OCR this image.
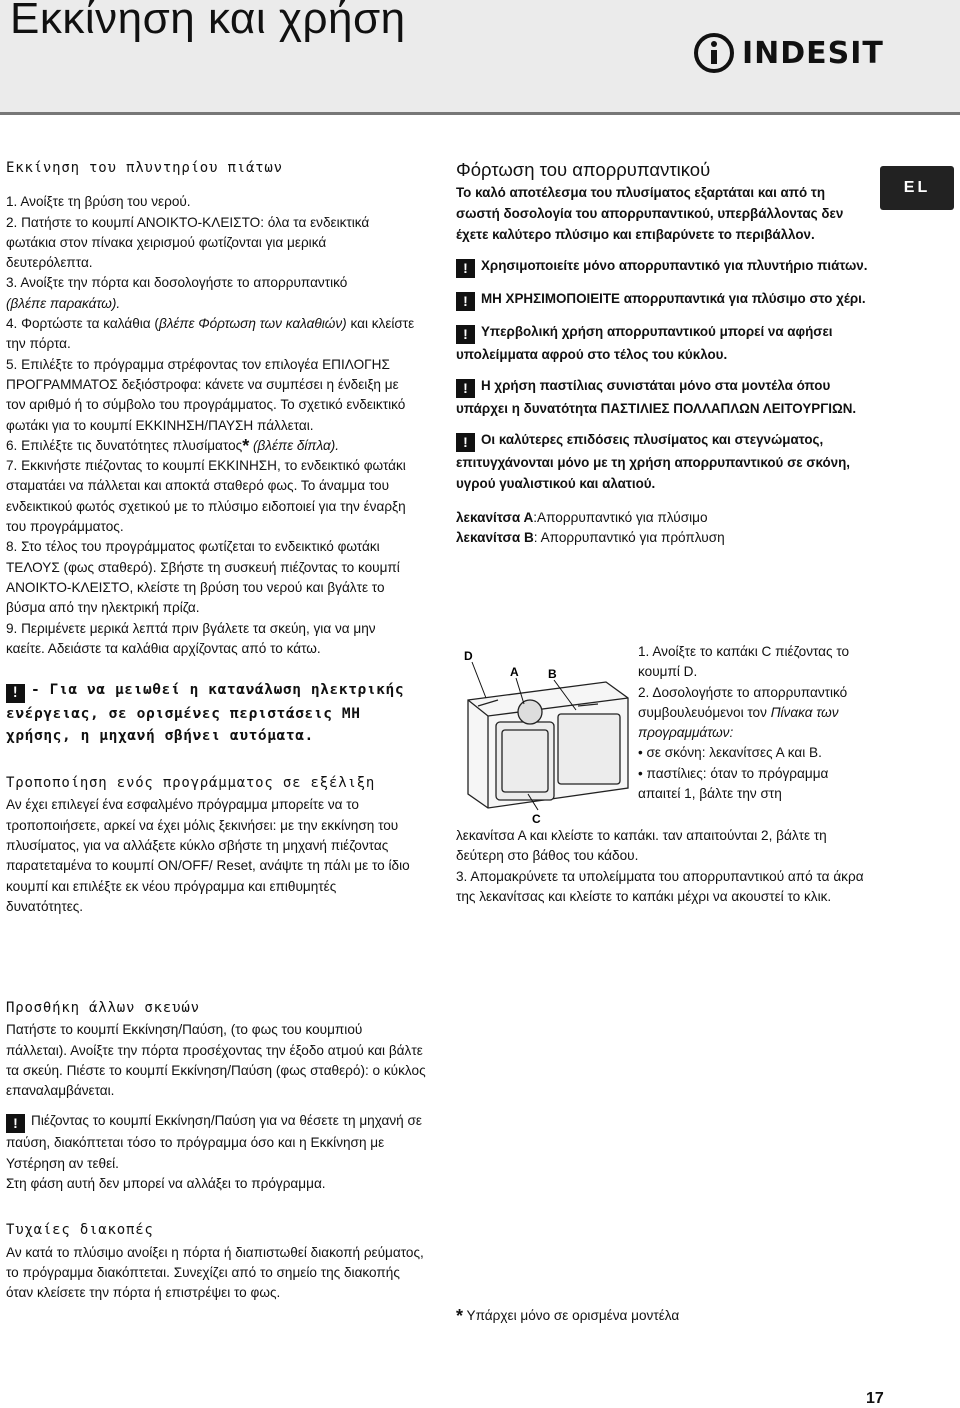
Εκκίνηση και χρήση
INDESIT
EL

Εκκίνηση του πλυντηρίου πιάτων

1. Ανοίξτε τη βρύση του νερού.

2. Πατήστε το κουμπί ΑΝΟΙΚΤΟ-ΚΛΕΙΣΤΟ: όλα τα ενδεικτικά φωτάκια στον πίνακα χειρισμού φωτίζονται για μερικά δευτερόλεπτα.

3. Ανοίξτε την πόρτα και δοσολογήστε το απορρυπαντικό
(βλέπε παρακάτω).

4. Φορτώστε τα καλάθια (βλέπε Φόρτωση των καλαθιών) και κλείστε την πόρτα.

5. Επιλέξτε το πρόγραμμα στρέφοντας τον επιλογέα ΕΠΙΛΟΓΗΣ ΠΡΟΓΡΑΜΜΑΤΟΣ δεξιόστροφα: κάνετε να συμπέσει η ένδειξη με τον αριθμό ή το σύμβολο του προγράμματος. Το σχετικό ενδεικτικό φωτάκι για το κουμπί ΕΚΚΙΝΗΣΗ/ΠΑΥΣΗ πάλλεται.

6. Επιλέξτε τις δυνατότητες πλυσίματος* (βλέπε δίπλα).

7. Εκκινήστε πιέζοντας το κουμπί ΕΚΚΙΝΗΣΗ, το ενδεικτικό φωτάκι σταματάει να πάλλεται και αποκτά σταθερό φως. Το άναμμα του ενδεικτικού φωτός σχετικού με το πλύσιμο ειδοποιεί για την έναρξη του προγράμματος.

8. Στο τέλος του προγράμματος φωτίζεται το ενδεικτικό φωτάκι ΤΕΛΟΥΣ (φως σταθερό). Σβήστε τη συσκευή πιέζοντας το κουμπί ΑΝΟΙΚΤΟ-ΚΛΕΙΣΤΟ, κλείστε τη βρύση του νερού και βγάλτε το βύσμα από την ηλεκτρική πρίζα.

9. Περιμένετε μερικά λεπτά πριν βγάλετε τα σκεύη, για να μην καείτε. Αδειάστε τα καλάθια αρχίζοντας από το κάτω.

! - Για να μειωθεί η κατανάλωση ηλεκτρικής ενέργειας, σε ορισμένες περιστάσεις ΜΗ χρήσης, η μηχανή σβήνει αυτόματα.

Τροποποίηση ενός προγράμματος σε εξέλιξη

Αν έχει επιλεγεί ένα εσφαλμένο πρόγραμμα μπορείτε να το τροποποιήσετε, αρκεί να έχει μόλις ξεκινήσει: με την εκκίνηση του πλυσίματος, για να αλλάξετε κύκλο σβήστε τη μηχανή πιέζοντας παρατεταμένα το κουμπί ON/OFF/ Reset, ανάψτε τη πάλι με το ίδιο κουμπί και επιλέξτε εκ νέου πρόγραμμα και επιθυμητές δυνατότητες.

Προσθήκη άλλων σκευών

Πατήστε το κουμπί Εκκίνηση/Παύση, (το φως του κουμπιού πάλλεται). Ανοίξτε την πόρτα προσέχοντας την έξοδο ατμού και βάλτε τα σκεύη. Πιέστε το κουμπί Εκκίνηση/Παύση (φως σταθερό): ο κύκλος επαναλαμβάνεται.

! Πιέζοντας το κουμπί Εκκίνηση/Παύση για να θέσετε τη μηχανή σε παύση, διακόπτεται τόσο το πρόγραμμα όσο και η Εκκίνηση με Υστέρηση αν τεθεί.

Στη φάση αυτή δεν μπορεί να αλλάξει το πρόγραμμα.

Τυχαίες διακοπές

Αν κατά το πλύσιμο ανοίξει η πόρτα ή διαπιστωθεί διακοπή ρεύματος, το πρόγραμμα διακόπτεται. Συνεχίζει από το σημείο της διακοπής όταν κλείσετε την πόρτα ή επιστρέψει το φως.

Φόρτωση του απορρυπαντικού

Το καλό αποτέλεσμα του πλυσίματος εξαρτάται και από τη σωστή δοσολογία του απορρυπαντικού, υπερβάλλοντας δεν έχετε καλύτερο πλύσιμο και επιβαρύνετε το περιβάλλον.

! Χρησιμοποιείτε μόνο απορρυπαντικό για πλυντήριο πιάτων.

! ΜΗ ΧΡΗΣΙΜΟΠΟΙΕΙΤΕ απορρυπαντικά για πλύσιμο στο χέρι.

! Υπερβολική χρήση απορρυπαντικού μπορεί να αφήσει υπολείμματα αφρού στο τέλος του κύκλου.

! Η χρήση παστίλιας συνιστάται μόνο στα μοντέλα όπου υπάρχει η δυνατότητα ΠΑΣΤΙΛΙΕΣ ΠΟΛΛΑΠΛΩΝ ΛΕΙΤΟΥΡΓΙΩΝ.

! Οι καλύτερες επιδόσεις πλυσίματος και στεγνώματος, επιτυγχάνονται μόνο με τη χρήση απορρυπαντικού σε σκόνη, υγρού γυαλιστικού και αλατιού.

λεκανίτσα Α:Απορρυπαντικό για πλύσιμο

λεκανίτσα Β: Απορρυπαντικό για πρόπλυση

D
A B
C

1. Ανοίξτε το καπάκι C πιέζοντας το κουμπί D.

2. Δοσολογήστε το απορρυπαντικό συμβουλευόμενοι τον Πίνακα των προγραμμάτων:

• σε σκόνη: λεκανίτσες Α και Β.

• παστίλιες: όταν το πρόγραμμα απαιτεί 1, βάλτε την στη

λεκανίτσα Α και κλείστε το καπάκι. ταν απαιτούνται 2, βάλτε τη δεύτερη στο βάθος του κάδου.

3. Απομακρύνετε τα υπολείμματα του απορρυπαντικού από τα άκρα της λεκανίτσας και κλείστε το καπάκι μέχρι να ακουστεί το κλικ.

* Υπάρχει μόνο σε ορισμένα μοντέλα

17
